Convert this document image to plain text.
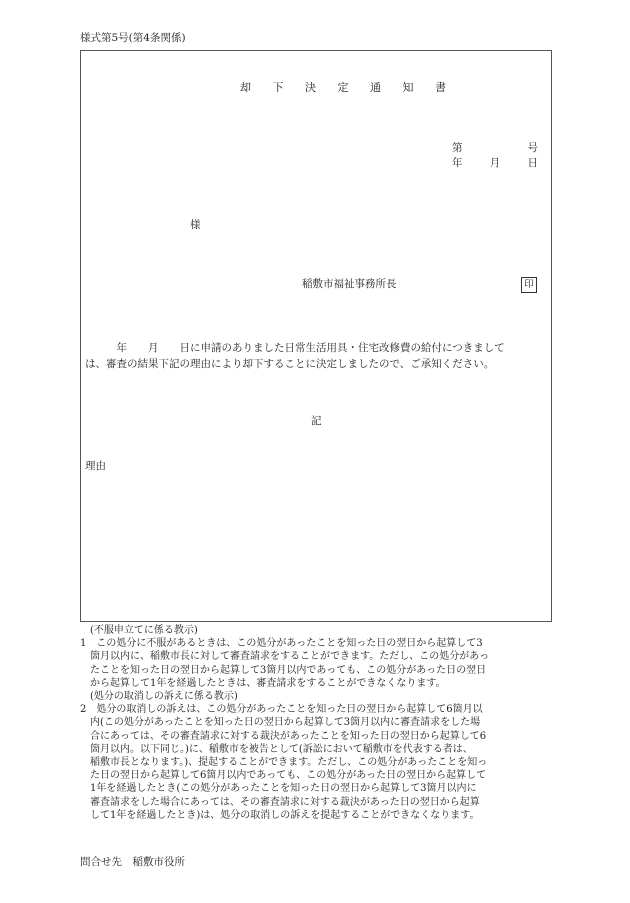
様式第5号(第4条関係)
却 下 決 定 通 知 書
第	号
年	月	日
様
稲敷市福祉事務所長	印
　　　年　　月　　日に申請のありました日常生活用具・住宅改修費の給付につきまして
は、審査の結果下記の理由により却下することに決定しましたので、ご承知ください。
記
理由
(不服申立てに係る教示)
1　この処分に不服があるときは、この処分があったことを知った日の翌日から起算して3
箇月以内に、稲敷市長に対して審査請求をすることができます。ただし、この処分があっ
たことを知った日の翌日から起算して3箇月以内であっても、この処分があった日の翌日
から起算して1年を経過したときは、審査請求をすることができなくなります。
(処分の取消しの訴えに係る教示)
2　処分の取消しの訴えは、この処分があったことを知った日の翌日から起算して6箇月以
内(この処分があったことを知った日の翌日から起算して3箇月以内に審査請求をした場
合にあっては、その審査請求に対する裁決があったことを知った日の翌日から起算して6
箇月以内。以下同じ。)に、稲敷市を被告として(訴訟において稲敷市を代表する者は、
稲敷市長となります。)、提起することができます。ただし、この処分があったことを知っ
た日の翌日から起算して6箇月以内であっても、この処分があった日の翌日から起算して
1年を経過したとき(この処分があったことを知った日の翌日から起算して3箇月以内に
審査請求をした場合にあっては、その審査請求に対する裁決があった日の翌日から起算
して1年を経過したとき)は、処分の取消しの訴えを提起することができなくなります。
問合せ先　稲敷市役所
